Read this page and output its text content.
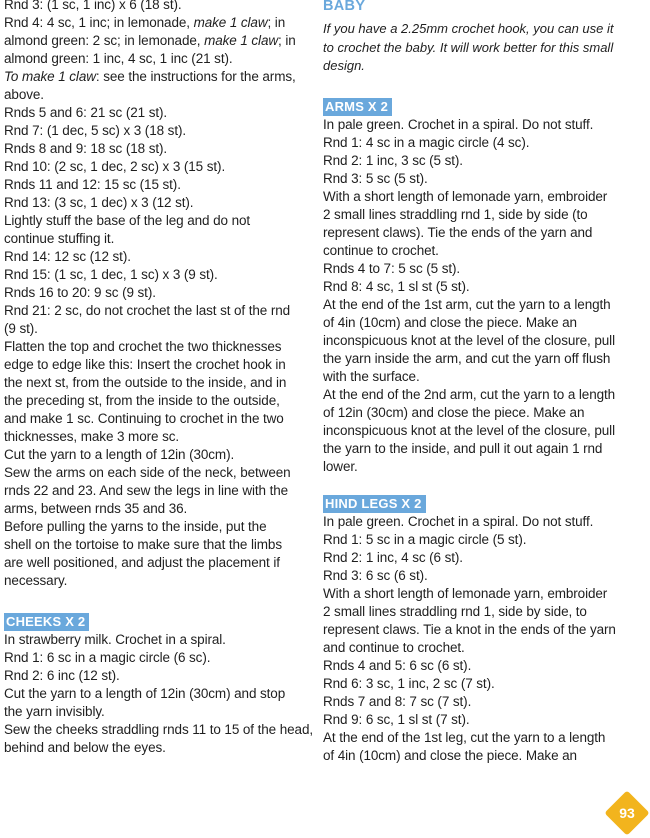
Rnd 3: (1 sc, 1 inc) x 6 (18 st).
Rnd 4: 4 sc, 1 inc; in lemonade, make 1 claw; in
almond green: 2 sc; in lemonade, make 1 claw; in
almond green: 1 inc, 4 sc, 1 inc (21 st).
To make 1 claw: see the instructions for the arms,
above.
Rnds 5 and 6: 21 sc (21 st).
Rnd 7: (1 dec, 5 sc) x 3 (18 st).
Rnds 8 and 9: 18 sc (18 st).
Rnd 10: (2 sc, 1 dec, 2 sc) x 3 (15 st).
Rnds 11 and 12: 15 sc (15 st).
Rnd 13: (3 sc, 1 dec) x 3 (12 st).
Lightly stuff the base of the leg and do not
continue stuffing it.
Rnd 14: 12 sc (12 st).
Rnd 15: (1 sc, 1 dec, 1 sc) x 3 (9 st).
Rnds 16 to 20: 9 sc (9 st).
Rnd 21: 2 sc, do not crochet the last st of the rnd
(9 st).
Flatten the top and crochet the two thicknesses
edge to edge like this: Insert the crochet hook in
the next st, from the outside to the inside, and in
the preceding st, from the inside to the outside,
and make 1 sc. Continuing to crochet in the two
thicknesses, make 3 more sc.
Cut the yarn to a length of 12in (30cm).
Sew the arms on each side of the neck, between
rnds 22 and 23. And sew the legs in line with the
arms, between rnds 35 and 36.
Before pulling the yarns to the inside, put the
shell on the tortoise to make sure that the limbs
are well positioned, and adjust the placement if
necessary.
CHEEKS X 2
In strawberry milk. Crochet in a spiral.
Rnd 1: 6 sc in a magic circle (6 sc).
Rnd 2: 6 inc (12 st).
Cut the yarn to a length of 12in (30cm) and stop
the yarn invisibly.
Sew the cheeks straddling rnds 11 to 15 of the head,
behind and below the eyes.
BABY
If you have a 2.25mm crochet hook, you can use it
to crochet the baby. It will work better for this small
design.
ARMS X 2
In pale green. Crochet in a spiral. Do not stuff.
Rnd 1: 4 sc in a magic circle (4 sc).
Rnd 2: 1 inc, 3 sc (5 st).
Rnd 3: 5 sc (5 st).
With a short length of lemonade yarn, embroider
2 small lines straddling rnd 1, side by side (to
represent claws). Tie the ends of the yarn and
continue to crochet.
Rnds 4 to 7: 5 sc (5 st).
Rnd 8: 4 sc, 1 sl st (5 st).
At the end of the 1st arm, cut the yarn to a length
of 4in (10cm) and close the piece. Make an
inconspicuous knot at the level of the closure, pull
the yarn inside the arm, and cut the yarn off flush
with the surface.
At the end of the 2nd arm, cut the yarn to a length
of 12in (30cm) and close the piece. Make an
inconspicuous knot at the level of the closure, pull
the yarn to the inside, and pull it out again 1 rnd
lower.
HIND LEGS X 2
In pale green. Crochet in a spiral. Do not stuff.
Rnd 1: 5 sc in a magic circle (5 st).
Rnd 2: 1 inc, 4 sc (6 st).
Rnd 3: 6 sc (6 st).
With a short length of lemonade yarn, embroider
2 small lines straddling rnd 1, side by side, to
represent claws. Tie a knot in the ends of the yarn
and continue to crochet.
Rnds 4 and 5: 6 sc (6 st).
Rnd 6: 3 sc, 1 inc, 2 sc (7 st).
Rnds 7 and 8: 7 sc (7 st).
Rnd 9: 6 sc, 1 sl st (7 st).
At the end of the 1st leg, cut the yarn to a length
of 4in (10cm) and close the piece. Make an
93
